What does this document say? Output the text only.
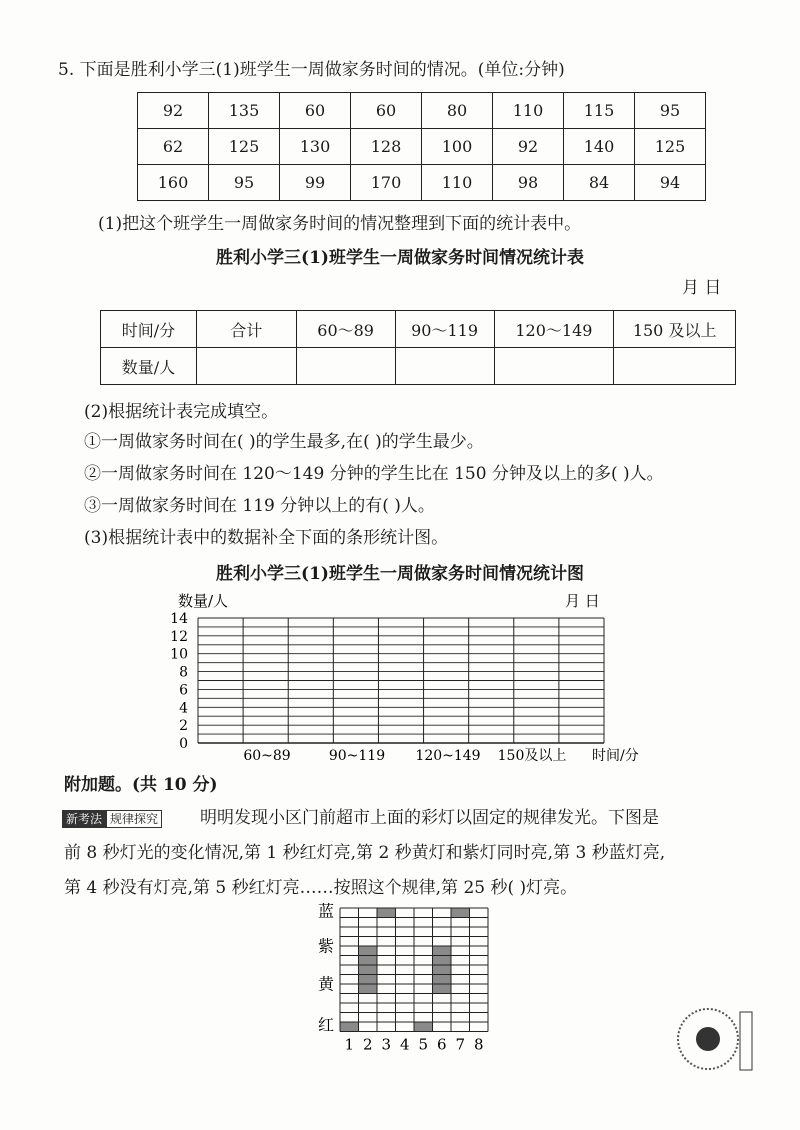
5. 下面是胜利小学三(1)班学生一周做家务时间的情况。(单位:分钟)
92	135	60	60	80	110	115	95
62	125	130	128	100	92	140	125
160	95	99	170	110	98	84	94
(1)把这个班学生一周做家务时间的情况整理到下面的统计表中。
胜利小学三(1)班学生一周做家务时间情况统计表
月 日
时间/分	合计	60～89	90～119	120～149	150 及以上
数量/人					
(2)根据统计表完成填空。
①一周做家务时间在( )的学生最多,在( )的学生最少。
②一周做家务时间在 120～149 分钟的学生比在 150 分钟及以上的多( )人。
③一周做家务时间在 119 分钟以上的有( )人。
(3)根据统计表中的数据补全下面的条形统计图。
胜利小学三(1)班学生一周做家务时间情况统计图
数量/人	月 日
0
2
4
6
8
10
12
14
60~89	90~119 120~149 150及以上 时间/分
附加题。(共 10 分)
新考法 规律探究 明明发现小区门前超市上面的彩灯以固定的规律发光。下图是
前 8 秒灯光的变化情况,第 1 秒红灯亮,第 2 秒黄灯和紫灯同时亮,第 3 秒蓝灯亮,
第 4 秒没有灯亮,第 5 秒红灯亮……按照这个规律,第 25 秒( )灯亮。
蓝
紫
黄
红
1 2 3 4 5 6 7 8
